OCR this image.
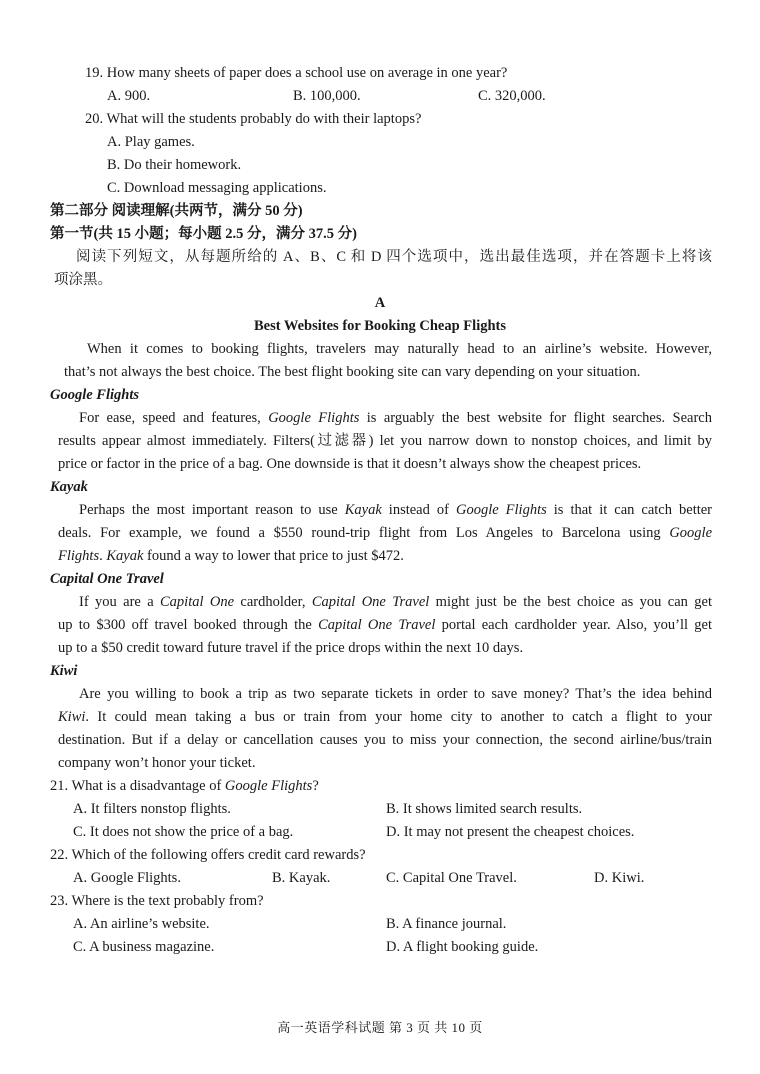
19. How many sheets of paper does a school use on average in one year?
A. 900.	B. 100,000.	C. 320,000.
20. What will the students probably do with their laptops?
A. Play games.
B. Do their homework.
C. Download messaging applications.
第二部分 阅读理解(共两节，满分 50 分)
第一节(共 15 小题；每小题 2.5 分，满分 37.5 分)
阅读下列短文，从每题所给的 A、B、C 和 D 四个选项中，选出最佳选项，并在答题卡上将该
项涂黑。
A
Best Websites for Booking Cheap Flights
When it comes to booking flights, travelers may naturally head to an airline’s website. However,
that’s not always the best choice. The best flight booking site can vary depending on your situation.
Google Flights
For ease, speed and features, Google Flights is arguably the best website for flight searches. Search
results appear almost immediately. Filters(过滤器) let you narrow down to nonstop choices, and limit by
price or factor in the price of a bag. One downside is that it doesn’t always show the cheapest prices.
Kayak
Perhaps the most important reason to use Kayak instead of Google Flights is that it can catch better
deals. For example, we found a $550 round-trip flight from Los Angeles to Barcelona using Google
Flights. Kayak found a way to lower that price to just $472.
Capital One Travel
If you are a Capital One cardholder, Capital One Travel might just be the best choice as you can get
up to $300 off travel booked through the Capital One Travel portal each cardholder year. Also, you’ll get
up to a $50 credit toward future travel if the price drops within the next 10 days.
Kiwi
Are you willing to book a trip as two separate tickets in order to save money? That’s the idea behind
Kiwi. It could mean taking a bus or train from your home city to another to catch a flight to your
destination. But if a delay or cancellation causes you to miss your connection, the second airline/bus/train
company won’t honor your ticket.
21. What is a disadvantage of Google Flights?
A. It filters nonstop flights.	B. It shows limited search results.
C. It does not show the price of a bag.	D. It may not present the cheapest choices.
22. Which of the following offers credit card rewards?
A. Google Flights.	B. Kayak.	C. Capital One Travel.	D. Kiwi.
23. Where is the text probably from?
A. An airline’s website.	B. A finance journal.
C. A business magazine.	D. A flight booking guide.
高一英语学科试题 第 3 页 共 10 页
